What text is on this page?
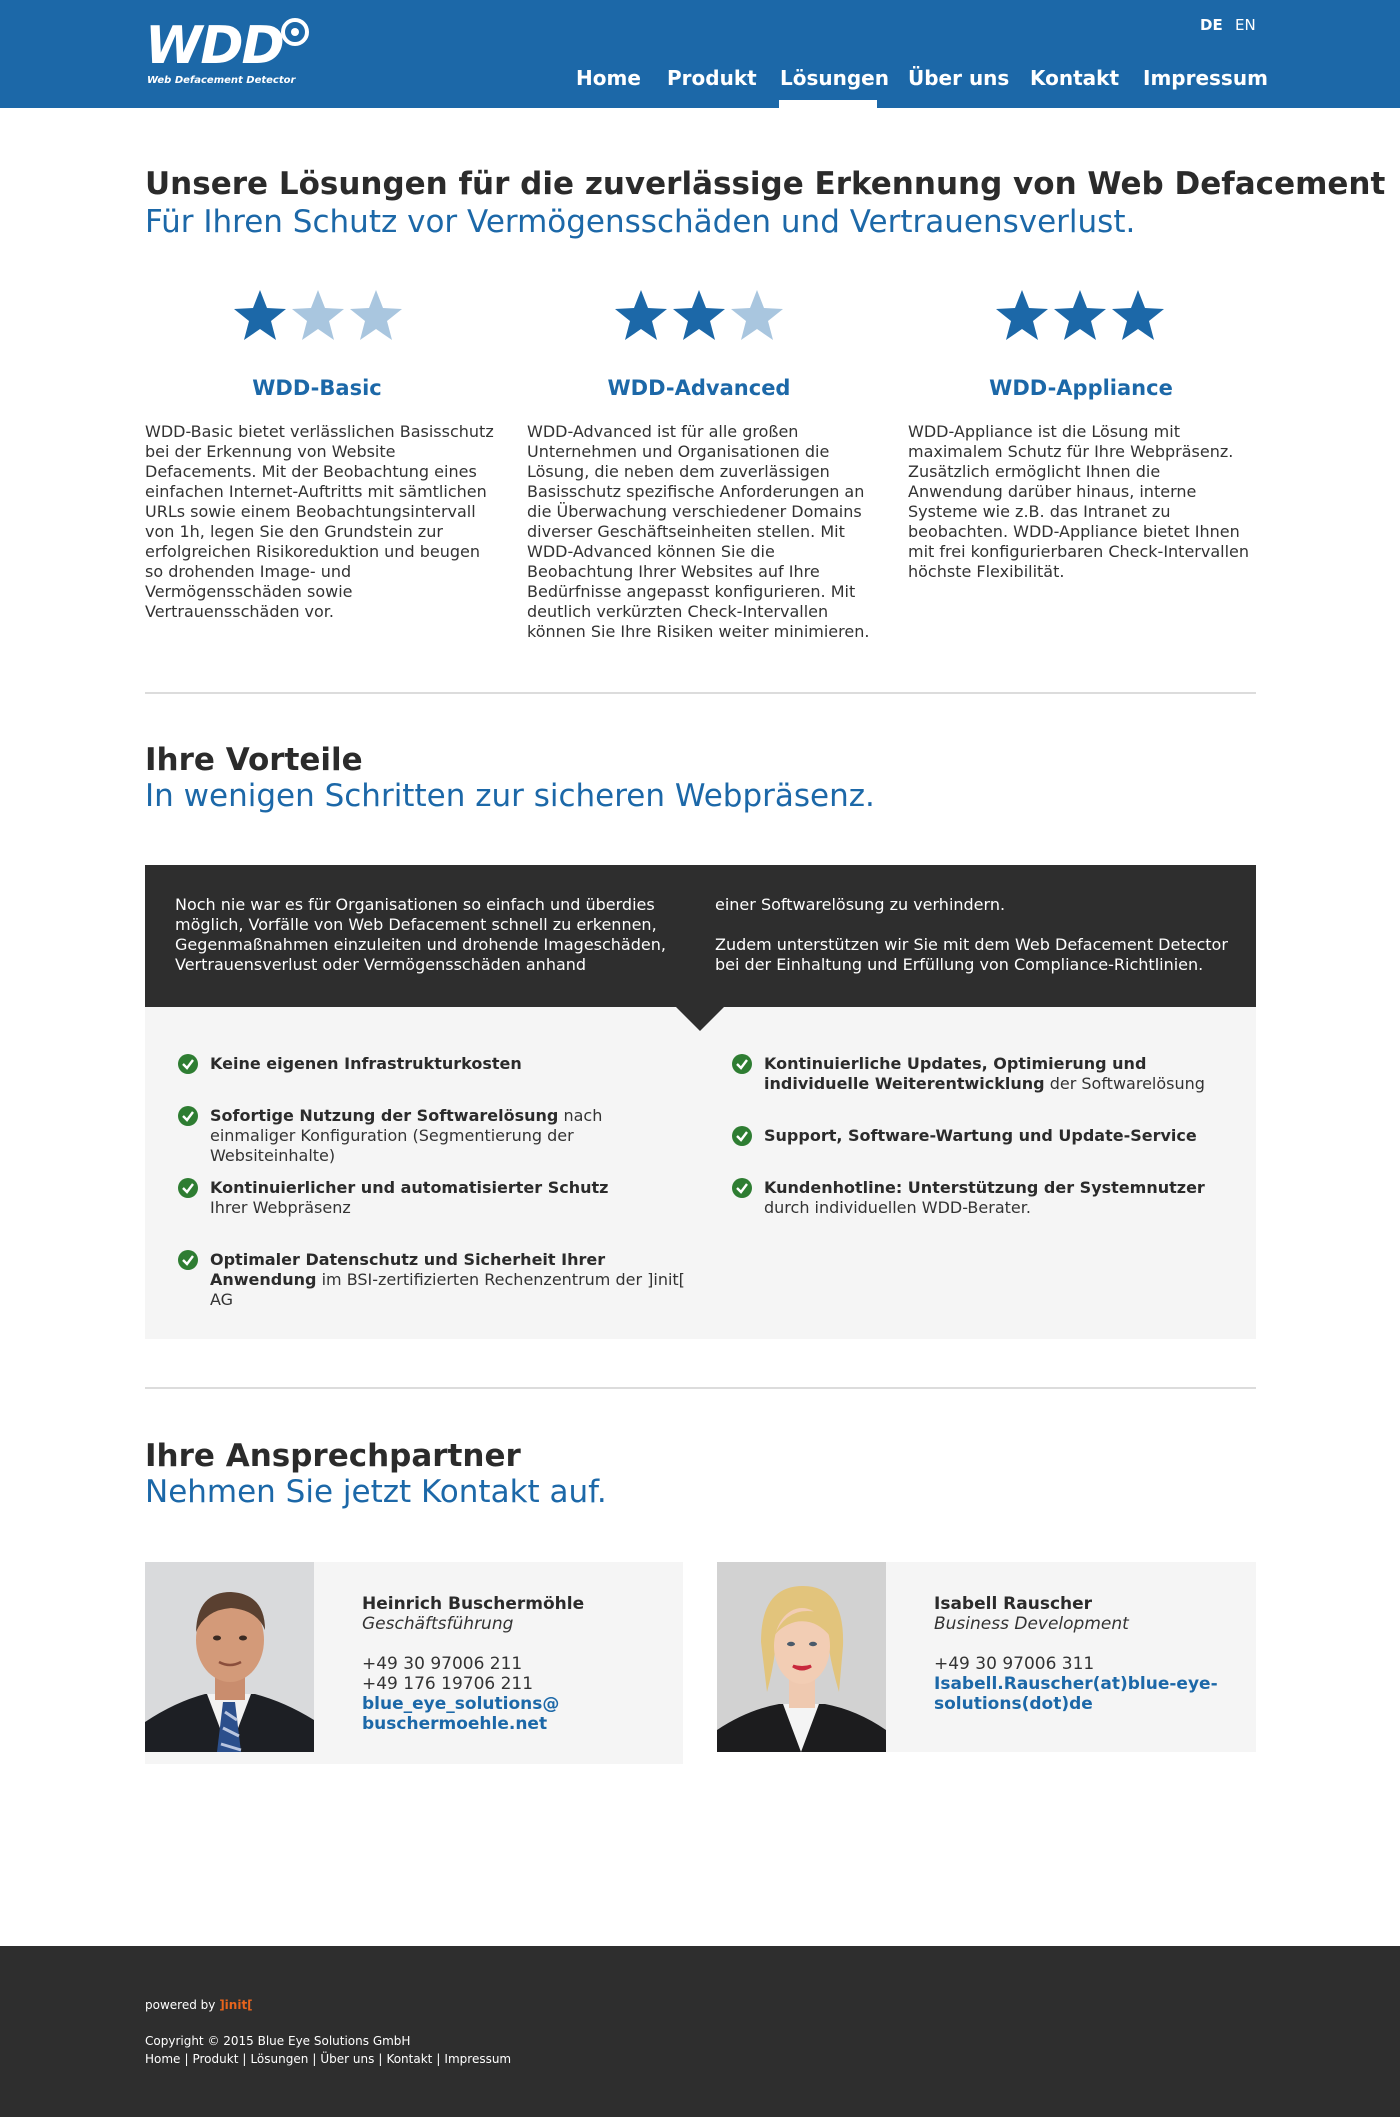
WDD
Web Defacement Detector
DE EN
Home Produkt Lösungen Über uns Kontakt Impressum
Unsere Lösungen für die zuverlässige Erkennung von Web Defacement
Für Ihren Schutz vor Vermögensschäden und Vertrauensverlust.
WDD-Basic	WDD-Advanced	WDD-Appliance
WDD-Basic bietet verlässlichen Basisschutz bei der Erkennung von Website Defacements. Mit der Beobachtung eines einfachen Internet-Auftritts mit sämtlichen URLs sowie einem Beobachtungsintervall von 1h, legen Sie den Grundstein zur erfolgreichen Risikoreduktion und beugen so drohenden Image- und Vermögensschäden sowie Vertrauensschäden vor.
WDD-Advanced ist für alle großen Unternehmen und Organisationen die Lösung, die neben dem zuverlässigen Basisschutz spezifische Anforderungen an die Überwachung verschiedener Domains diverser Geschäftseinheiten stellen. Mit WDD-Advanced können Sie die Beobachtung Ihrer Websites auf Ihre Bedürfnisse angepasst konfigurieren. Mit deutlich verkürzten Check-Intervallen können Sie Ihre Risiken weiter minimieren.
WDD-Appliance ist die Lösung mit maximalem Schutz für Ihre Webpräsenz. Zusätzlich ermöglicht Ihnen die Anwendung darüber hinaus, interne Systeme wie z.B. das Intranet zu beobachten. WDD-Appliance bietet Ihnen mit frei konfigurierbaren Check-Intervallen höchste Flexibilität.
Ihre Vorteile
In wenigen Schritten zur sicheren Webpräsenz.
Noch nie war es für Organisationen so einfach und überdies möglich, Vorfälle von Web Defacement schnell zu erkennen, Gegenmaßnahmen einzuleiten und drohende Imageschäden, Vertrauensverlust oder Vermögensschäden anhand

einer Softwarelösung zu verhindern.

Zudem unterstützen wir Sie mit dem Web Defacement Detector bei der Einhaltung und Erfüllung von Compliance-Richtlinien.

Keine eigenen Infrastrukturkosten
Sofortige Nutzung der Softwarelösung nach einmaliger Konfiguration (Segmentierung der Websiteinhalte)
Kontinuierlicher und automatisierter Schutz Ihrer Webpräsenz
Optimaler Datenschutz und Sicherheit Ihrer Anwendung im BSI-zertifizierten Rechenzentrum der ]init[ AG
Kontinuierliche Updates, Optimierung und individuelle Weiterentwicklung der Softwarelösung
Support, Software-Wartung und Update-Service
Kundenhotline: Unterstützung der Systemnutzer durch individuellen WDD-Berater.
Ihre Ansprechpartner
Nehmen Sie jetzt Kontakt auf.
Heinrich Buschermöhle
Geschäftsführung
+49 30 97006 211
+49 176 19706 211
blue_eye_solutions@
buschermoehle.net
Isabell Rauscher
Business Development
+49 30 97006 311
Isabell.Rauscher(at)blue-eye-
solutions(dot)de
powered by ]init[
Copyright © 2015 Blue Eye Solutions GmbH
Home | Produkt | Lösungen | Über uns | Kontakt | Impressum
